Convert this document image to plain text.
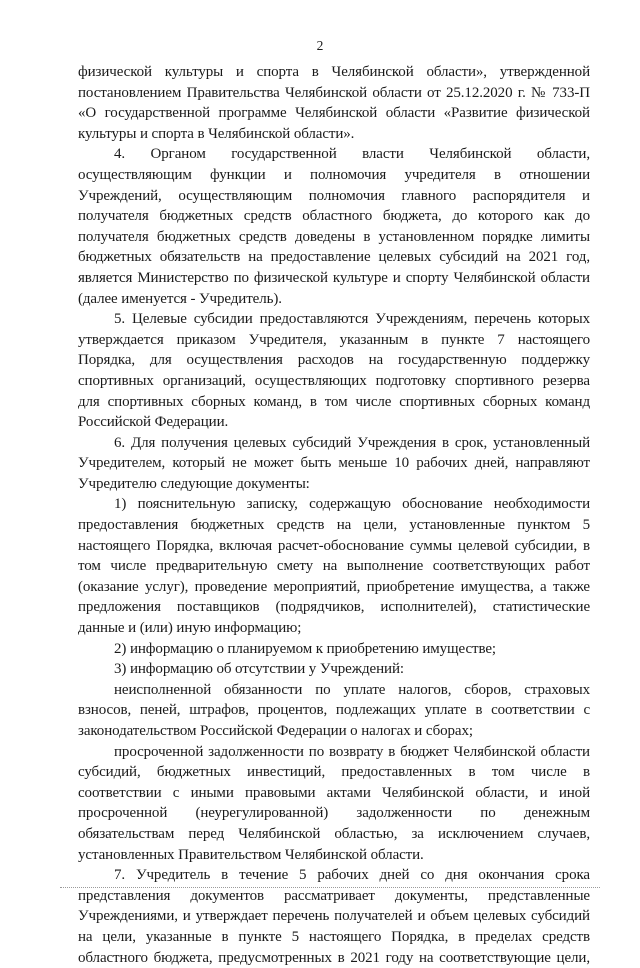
2
физической культуры и спорта в Челябинской области», утвержденной
постановлением Правительства Челябинской области от 25.12.2020 г. № 733-П
«О государственной программе Челябинской области «Развитие физической
культуры и спорта в Челябинской области».
4. Органом государственной власти Челябинской области,
осуществляющим функции и полномочия учредителя в отношении
Учреждений, осуществляющим полномочия главного распорядителя и
получателя бюджетных средств областного бюджета, до которого как до
получателя бюджетных средств доведены в установленном порядке лимиты
бюджетных обязательств на предоставление целевых субсидий на 2021 год,
является Министерство по физической культуре и спорту Челябинской области
(далее именуется - Учредитель).
5. Целевые субсидии предоставляются Учреждениям, перечень которых
утверждается приказом Учредителя, указанным в пункте 7 настоящего
Порядка, для осуществления расходов на государственную поддержку
спортивных организаций, осуществляющих подготовку спортивного резерва
для спортивных сборных команд, в том числе спортивных сборных команд
Российской Федерации.
6. Для получения целевых субсидий Учреждения в срок, установленный
Учредителем, который не может быть меньше 10 рабочих дней, направляют
Учредителю следующие документы:
1) пояснительную записку, содержащую обоснование необходимости
предоставления бюджетных средств на цели, установленные пунктом 5
настоящего Порядка, включая расчет-обоснование суммы целевой субсидии, в
том числе предварительную смету на выполнение соответствующих работ
(оказание услуг), проведение мероприятий, приобретение имущества, а также
предложения поставщиков (подрядчиков, исполнителей), статистические
данные и (или) иную информацию;
2) информацию о планируемом к приобретению имуществе;
3) информацию об отсутствии у Учреждений:
неисполненной обязанности по уплате налогов, сборов, страховых
взносов, пеней, штрафов, процентов, подлежащих уплате в соответствии с
законодательством Российской Федерации о налогах и сборах;
просроченной задолженности по возврату в бюджет Челябинской области
субсидий, бюджетных инвестиций, предоставленных в том числе в
соответствии с иными правовыми актами Челябинской области, и иной
просроченной (неурегулированной) задолженности по денежным
обязательствам перед Челябинской областью, за исключением случаев,
установленных Правительством Челябинской области.
7. Учредитель в течение 5 рабочих дней со дня окончания срока
представления документов рассматривает документы, представленные
Учреждениями, и утверждает перечень получателей и объем целевых субсидий
на цели, указанные в пункте 5 настоящего Порядка, в пределах средств
областного бюджета, предусмотренных в 2021 году на соответствующие цели,
